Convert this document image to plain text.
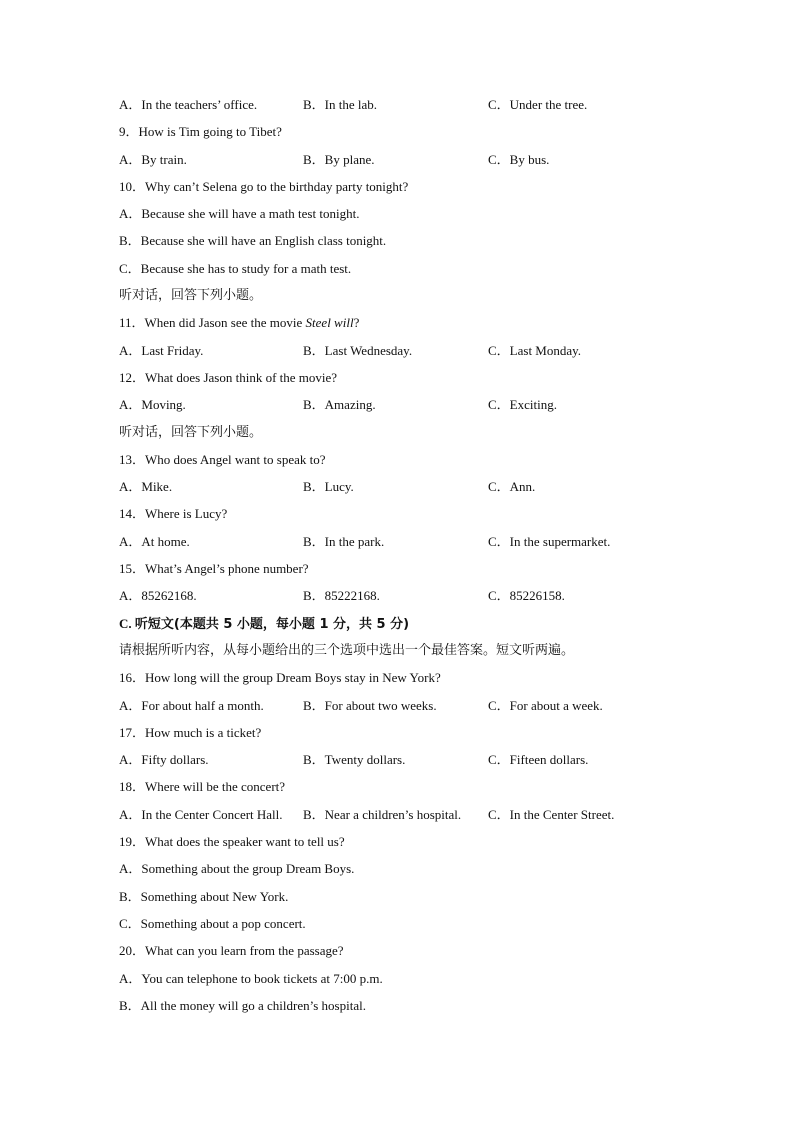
A．In the teachers’ office.	B．In the lab.	C．Under the tree.
9．How is Tim going to Tibet?
A．By train.	B．By plane.	C．By bus.
10．Why can’t Selena go to the birthday party tonight?
A．Because she will have a math test tonight.
B．Because she will have an English class tonight.
C．Because she has to study for a math test.
听对话，回答下列小题。
11．When did Jason see the movie Steel will?
A．Last Friday.	B．Last Wednesday.	C．Last Monday.
12．What does Jason think of the movie?
A．Moving.	B．Amazing.	C．Exciting.
听对话，回答下列小题。
13．Who does Angel want to speak to?
A．Mike.	B．Lucy.	C．Ann.
14．Where is Lucy?
A．At home.	B．In the park.	C．In the supermarket.
15．What’s Angel’s phone number?
A．85262168.	B．85222168.	C．85226158.
C. 听短文(本题共 5 小题，每小题 1 分，共 5 分)
请根据所听内容，从每小题给出的三个选项中选出一个最佳答案。短文听两遍。
16．How long will the group Dream Boys stay in New York?
A．For about half a month.	B．For about two weeks.	C．For about a week.
17．How much is a ticket?
A．Fifty dollars.	B．Twenty dollars.	C．Fifteen dollars.
18．Where will be the concert?
A．In the Center Concert Hall.	B．Near a children’s hospital.	C．In the Center Street.
19．What does the speaker want to tell us?
A．Something about the group Dream Boys.
B．Something about New York.
C．Something about a pop concert.
20．What can you learn from the passage?
A．You can telephone to book tickets at 7:00 p.m.
B．All the money will go a children’s hospital.
